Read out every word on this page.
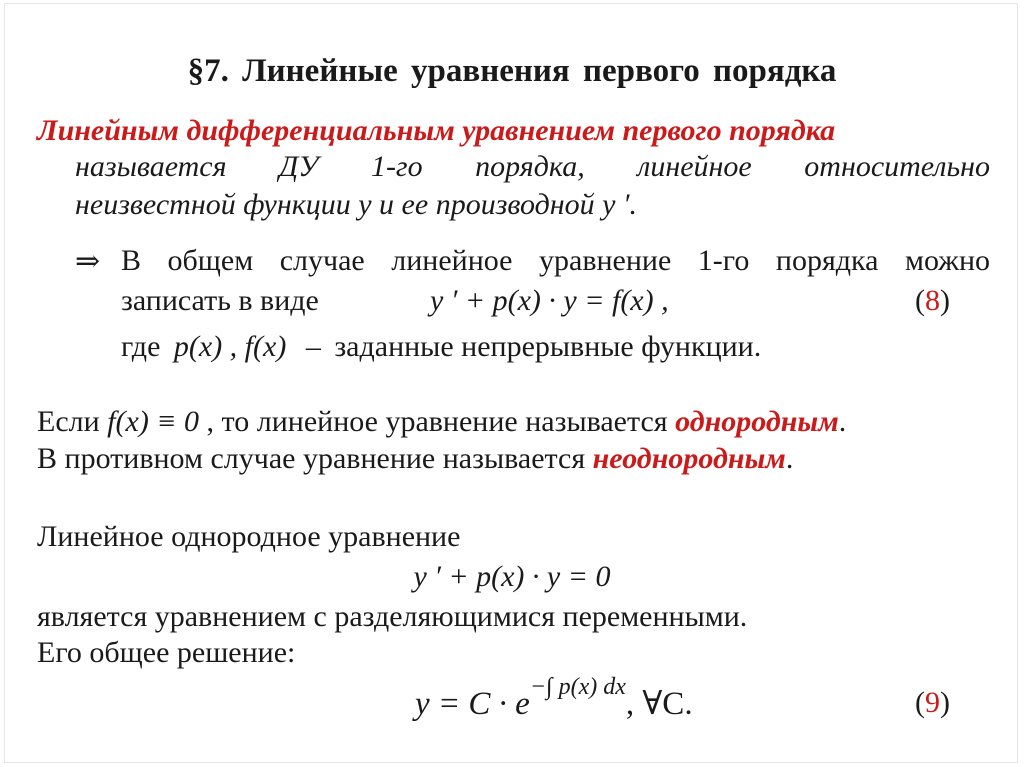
§7. Линейные уравнения первого порядка
Линейным дифференциальным уравнением первого порядка
называется ДУ 1-го порядка, линейное относительно
неизвестной функции y и ее производной y ′.
⇒ В общем случае линейное уравнение 1-го порядка можно
записать в виде	y ′ + p(x) · y = f(x) ,	(8)
где p(x) , f(x) – заданные непрерывные функции.
Если f(x) ≡ 0 , то линейное уравнение называется однородным.
В противном случае уравнение называется неоднородным.
Линейное однородное уравнение
y ′ + p(x) · y = 0
является уравнением с разделяющимися переменными.
Его общее решение:
$y = C \cdot e^{-\int p(x) dx}$, ∀C.	(9)
